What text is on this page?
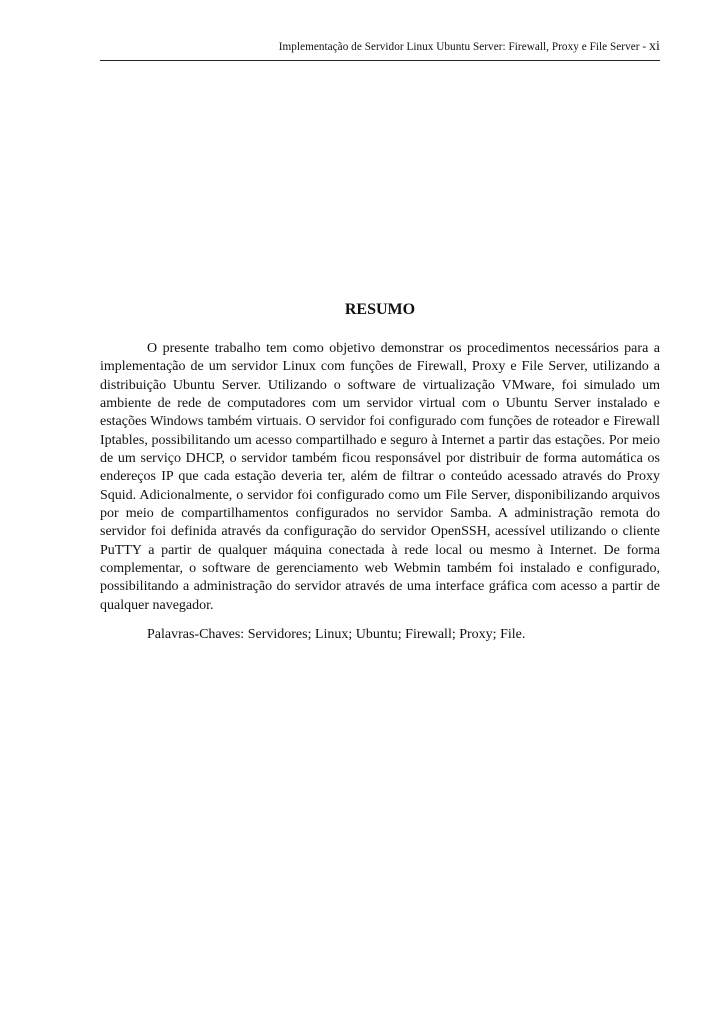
Implementação de Servidor Linux Ubuntu Server: Firewall, Proxy e File Server - xi
RESUMO

O presente trabalho tem como objetivo demonstrar os procedimentos necessários para a implementação de um servidor Linux com funções de Firewall, Proxy e File Server, utilizando a distribuição Ubuntu Server. Utilizando o software de virtualização VMware, foi simulado um ambiente de rede de computadores com um servidor virtual com o Ubuntu Server instalado e estações Windows também virtuais. O servidor foi configurado com funções de roteador e Firewall Iptables, possibilitando um acesso compartilhado e seguro à Internet a partir das estações. Por meio de um serviço DHCP, o servidor também ficou responsável por distribuir de forma automática os endereços IP que cada estação deveria ter, além de filtrar o conteúdo acessado através do Proxy Squid. Adicionalmente, o servidor foi configurado como um File Server, disponibilizando arquivos por meio de compartilhamentos configurados no servidor Samba. A administração remota do servidor foi definida através da configuração do servidor OpenSSH, acessível utilizando o cliente PuTTY a partir de qualquer máquina conectada à rede local ou mesmo à Internet. De forma complementar, o software de gerenciamento web Webmin também foi instalado e configurado, possibilitando a administração do servidor através de uma interface gráfica com acesso a partir de qualquer navegador.

Palavras-Chaves: Servidores; Linux; Ubuntu; Firewall; Proxy; File.
